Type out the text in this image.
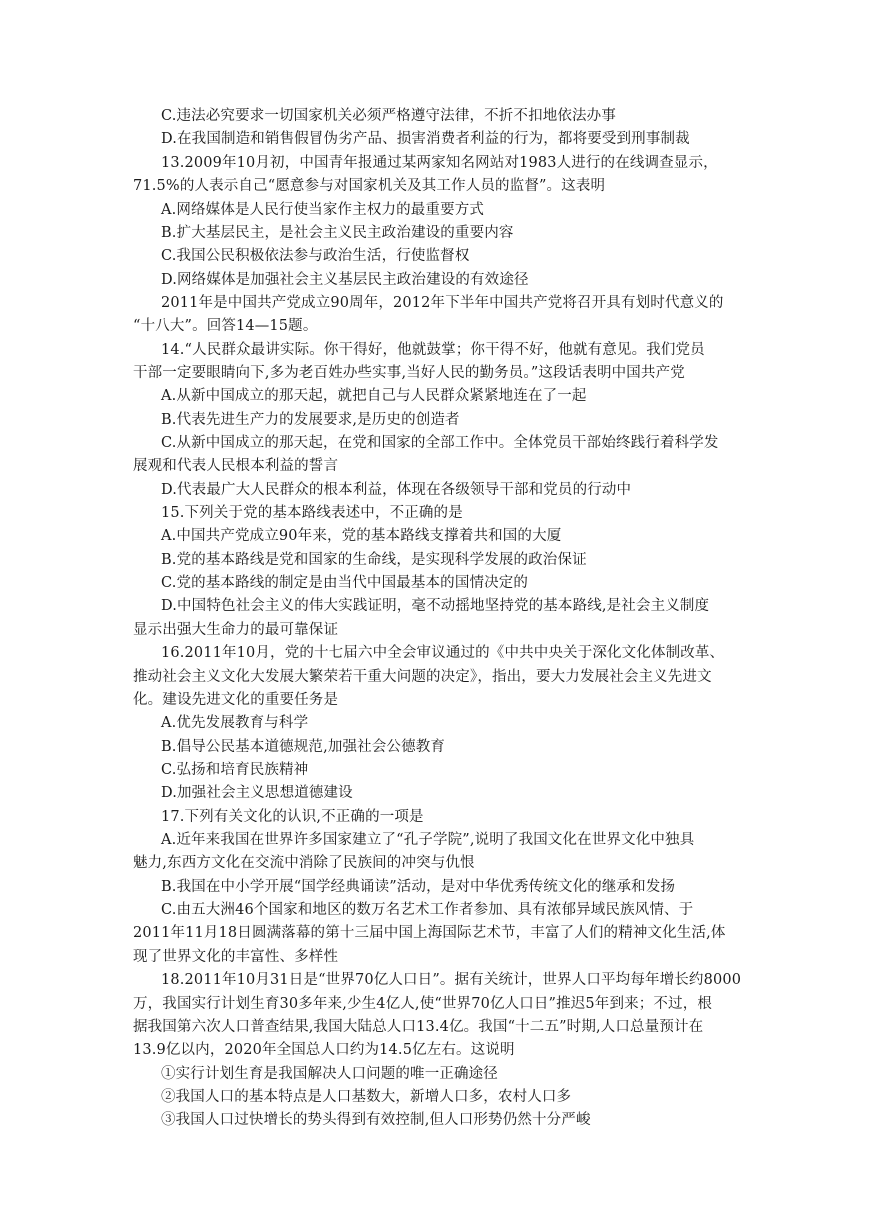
C.违法必究要求一切国家机关必须严格遵守法律，不折不扣地依法办事
D.在我国制造和销售假冒伪劣产品、损害消费者利益的行为，都将要受到刑事制裁
13.2009年10月初，中国青年报通过某两家知名网站对1983人进行的在线调查显示，
71.5%的人表示自己“愿意参与对国家机关及其工作人员的监督”。这表明
A.网络媒体是人民行使当家作主权力的最重要方式
B.扩大基层民主，是社会主义民主政治建设的重要内容
C.我国公民积极依法参与政治生活，行使监督权
D.网络媒体是加强社会主义基层民主政治建设的有效途径
2011年是中国共产党成立90周年，2012年下半年中国共产党将召开具有划时代意义的
“十八大”。回答14—15题。
14.“人民群众最讲实际。你干得好，他就鼓掌；你干得不好，他就有意见。我们党员
干部一定要眼睛向下,多为老百姓办些实事,当好人民的勤务员。”这段话表明中国共产党
A.从新中国成立的那天起，就把自己与人民群众紧紧地连在了一起
B.代表先进生产力的发展要求,是历史的创造者
C.从新中国成立的那天起，在党和国家的全部工作中。全体党员干部始终践行着科学发
展观和代表人民根本利益的誓言
D.代表最广大人民群众的根本利益，体现在各级领导干部和党员的行动中
15.下列关于党的基本路线表述中，不正确的是
A.中国共产党成立90年来，党的基本路线支撑着共和国的大厦
B.党的基本路线是党和国家的生命线，是实现科学发展的政治保证
C.党的基本路线的制定是由当代中国最基本的国情决定的
D.中国特色社会主义的伟大实践证明，毫不动摇地坚持党的基本路线,是社会主义制度
显示出强大生命力的最可靠保证
16.2011年10月，党的十七届六中全会审议通过的《中共中央关于深化文化体制改革、
推动社会主义文化大发展大繁荣若干重大问题的决定》，指出，要大力发展社会主义先进文
化。建设先进文化的重要任务是
A.优先发展教育与科学
B.倡导公民基本道德规范,加强社会公德教育
C.弘扬和培育民族精神
D.加强社会主义思想道德建设
17.下列有关文化的认识,不正确的一项是
A.近年来我国在世界许多国家建立了“孔子学院”,说明了我国文化在世界文化中独具
魅力,东西方文化在交流中消除了民族间的冲突与仇恨
B.我国在中小学开展“国学经典诵读”活动，是对中华优秀传统文化的继承和发扬
C.由五大洲46个国家和地区的数万名艺术工作者参加、具有浓郁异域民族风情、于
2011年11月18日圆满落幕的第十三届中国上海国际艺术节，丰富了人们的精神文化生活,体
现了世界文化的丰富性、多样性
18.2011年10月31日是“世界70亿人口日”。据有关统计，世界人口平均每年增长约8000
万，我国实行计划生育30多年来,少生4亿人,使“世界70亿人口日”推迟5年到来；不过，根
据我国第六次人口普查结果,我国大陆总人口13.4亿。我国“十二五”时期,人口总量预计在
13.9亿以内，2020年全国总人口约为14.5亿左右。这说明
①实行计划生育是我国解决人口问题的唯一正确途径
②我国人口的基本特点是人口基数大，新增人口多，农村人口多
③我国人口过快增长的势头得到有效控制,但人口形势仍然十分严峻
